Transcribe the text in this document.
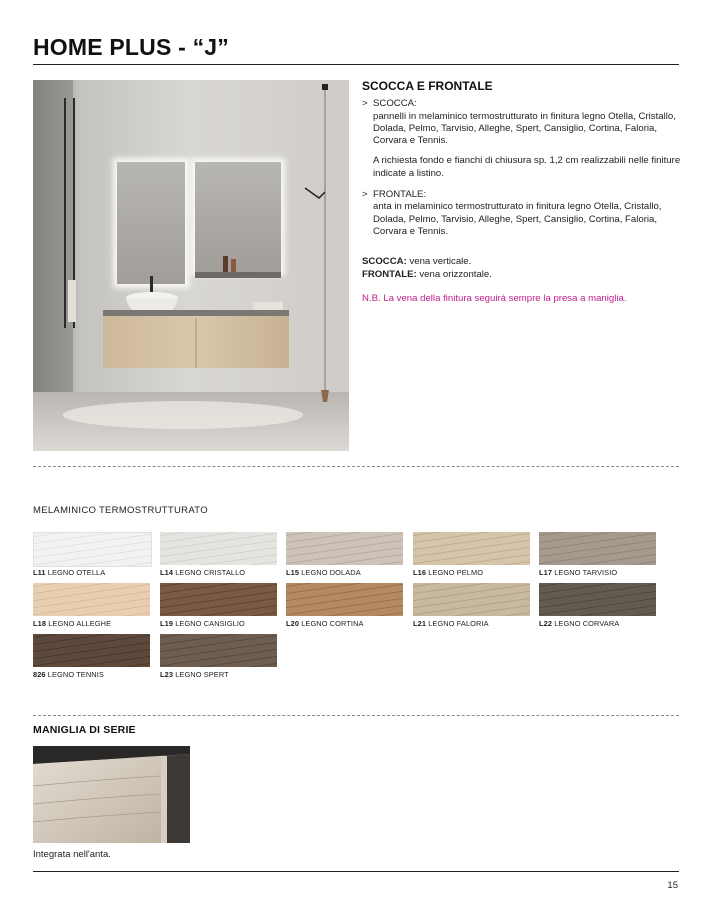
HOME PLUS - “J”
SCOCCA E FRONTALE
> SCOCCA:

pannelli in melaminico termostrutturato in finitura legno Otella, Cristallo, Dolada, Pelmo, Tarvisio, Alleghe, Spert, Cansiglio, Cortina, Faloria, Corvara e Tennis.

A richiesta fondo e fianchi di chiusura sp. 1,2 cm realizzabili nelle finiture indicate a listino.

> FRONTALE:

anta in melaminico termostrutturato in finitura legno Otella, Cristallo, Dolada, Pelmo, Tarvisio, Alleghe, Spert, Cansiglio, Cortina, Faloria, Corvara e Tennis.

SCOCCA: vena verticale.
FRONTALE: vena orizzontale.

N.B. La vena della finitura seguirà sempre la presa a maniglia.

MELAMINICO TERMOSTRUTTURATO
L11 LEGNO OTELLA	L14 LEGNO CRISTALLO	L15 LEGNO DOLADA	L16 LEGNO PELMO	L17 LEGNO TARVISIO
L18 LEGNO ALLEGHE	L19 LEGNO CANSIGLIO	L20 LEGNO CORTINA	L21 LEGNO FALORIA	L22 LEGNO CORVARA
826 LEGNO TENNIS	L23 LEGNO SPERT
MANIGLIA DI SERIE
Integrata nell'anta.
15
